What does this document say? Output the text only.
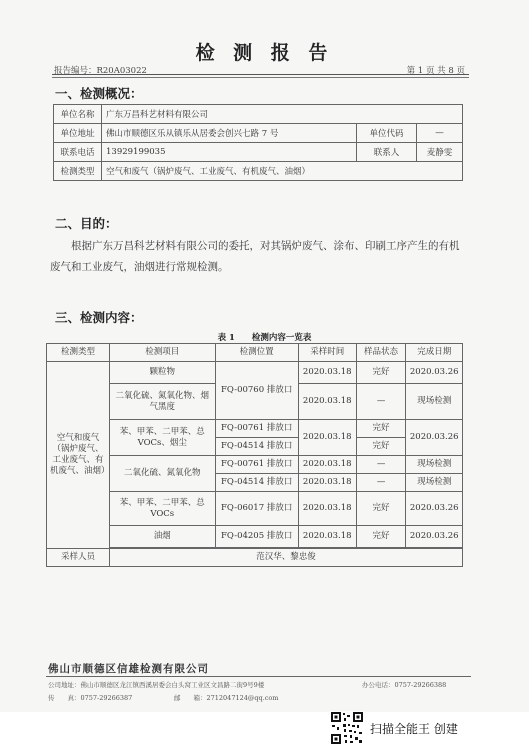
检 测 报 告
报告编号：R20A03022	第 1 页 共 8 页
一、检测概况：
单位名称	广东万昌科艺材料有限公司		
单位地址	佛山市顺德区乐从镇乐从居委会创兴七路 7 号	单位代码	—
联系电话	13929199035	联系人	麦静雯
检测类型	空气和废气（锅炉废气、工业废气、有机废气、油烟）		
二、目的：
根据广东万昌科艺材料有限公司的委托，对其锅炉废气、涂布、印刷工序产生的有机废气和工业废气，油烟进行常规检测。
三、检测内容：
表 1　　检测内容一览表
检测类型	检测项目	检测位置	采样时间	样品状态	完成日期
空气和废气（锅炉废气、工业废气、有机废气、油烟）	颗粒物	FQ-00760 排放口	2020.03.18	完好	2020.03.26
	二氧化硫、氮氧化物、烟气黑度		2020.03.18	—	现场检测
	苯、甲苯、二甲苯、总 VOCs、烟尘	FQ-00761 排放口	2020.03.18	完好	2020.03.26
		FQ-04514 排放口		完好	
	二氧化硫、氮氧化物	FQ-00761 排放口	2020.03.18	—	现场检测
		FQ-04514 排放口	2020.03.18	—	现场检测
	苯、甲苯、二甲苯、总 VOCs	FQ-06017 排放口	2020.03.18	完好	2020.03.26
	油烟	FQ-04205 排放口	2020.03.18	完好	2020.03.26

采样人员	范汉华、黎忠俊				
佛山市顺德区信雄检测有限公司
公司地址：佛山市顺德区龙江镇西溪居委会白头窝工业区文昌路二街9号9楼	办公电话：0757-29266388
传　　真：0757-29266387	邮　　箱：2712047124@qq.com
扫描全能王 创建
